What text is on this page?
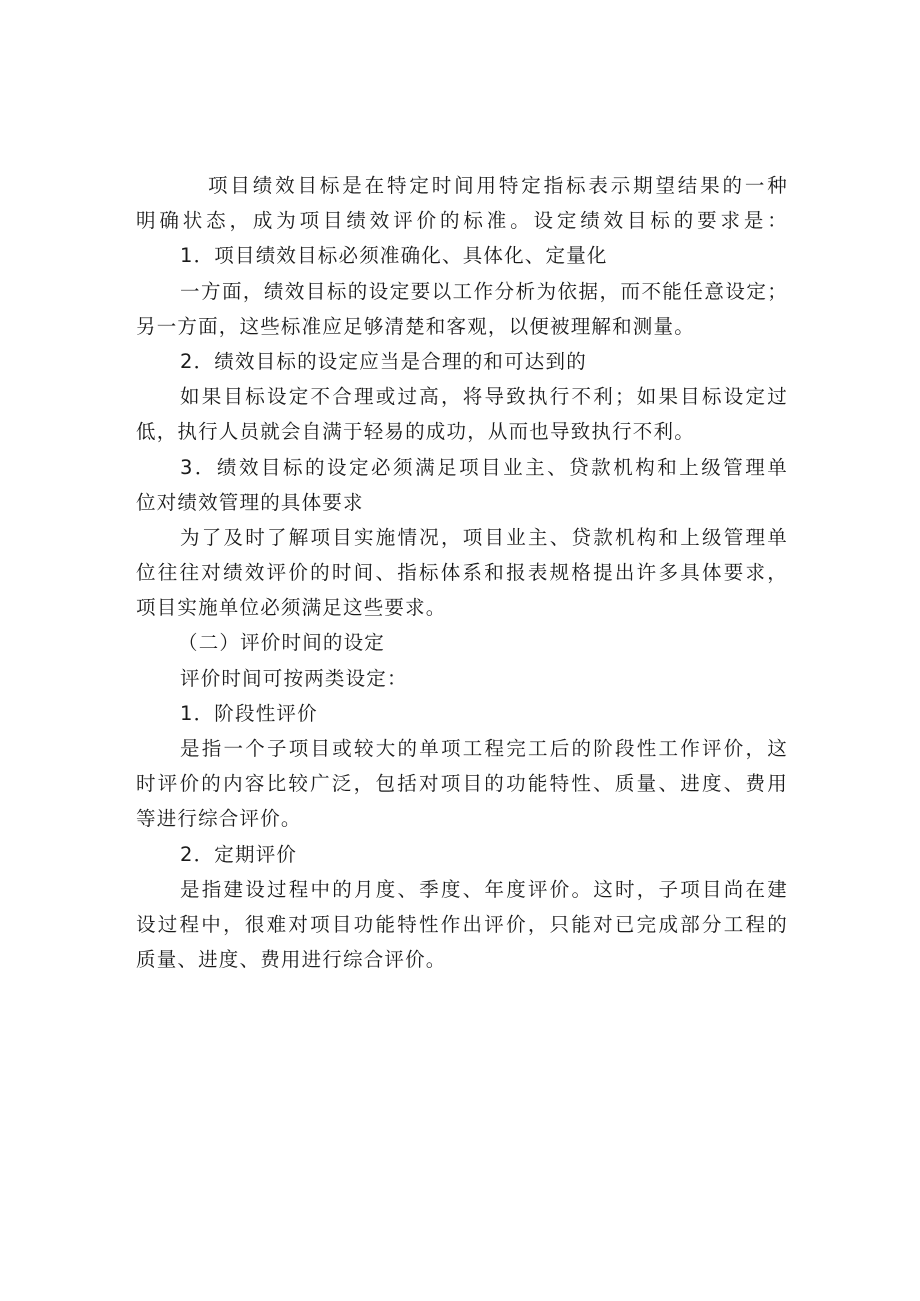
项目绩效目标是在特定时间用特定指标表示期望结果的一种
明确状态，成为项目绩效评价的标准。设定绩效目标的要求是：
1．项目绩效目标必须准确化、具体化、定量化
一方面，绩效目标的设定要以工作分析为依据，而不能任意设定；
另一方面，这些标准应足够清楚和客观，以便被理解和测量。
2．绩效目标的设定应当是合理的和可达到的
如果目标设定不合理或过高，将导致执行不利；如果目标设定过
低，执行人员就会自满于轻易的成功，从而也导致执行不利。
3．绩效目标的设定必须满足项目业主、贷款机构和上级管理单
位对绩效管理的具体要求
为了及时了解项目实施情况，项目业主、贷款机构和上级管理单
位往往对绩效评价的时间、指标体系和报表规格提出许多具体要求，
项目实施单位必须满足这些要求。
（二）评价时间的设定
评价时间可按两类设定：
1．阶段性评价
是指一个子项目或较大的单项工程完工后的阶段性工作评价，这
时评价的内容比较广泛，包括对项目的功能特性、质量、进度、费用
等进行综合评价。
2．定期评价
是指建设过程中的月度、季度、年度评价。这时，子项目尚在建
设过程中，很难对项目功能特性作出评价，只能对已完成部分工程的
质量、进度、费用进行综合评价。
